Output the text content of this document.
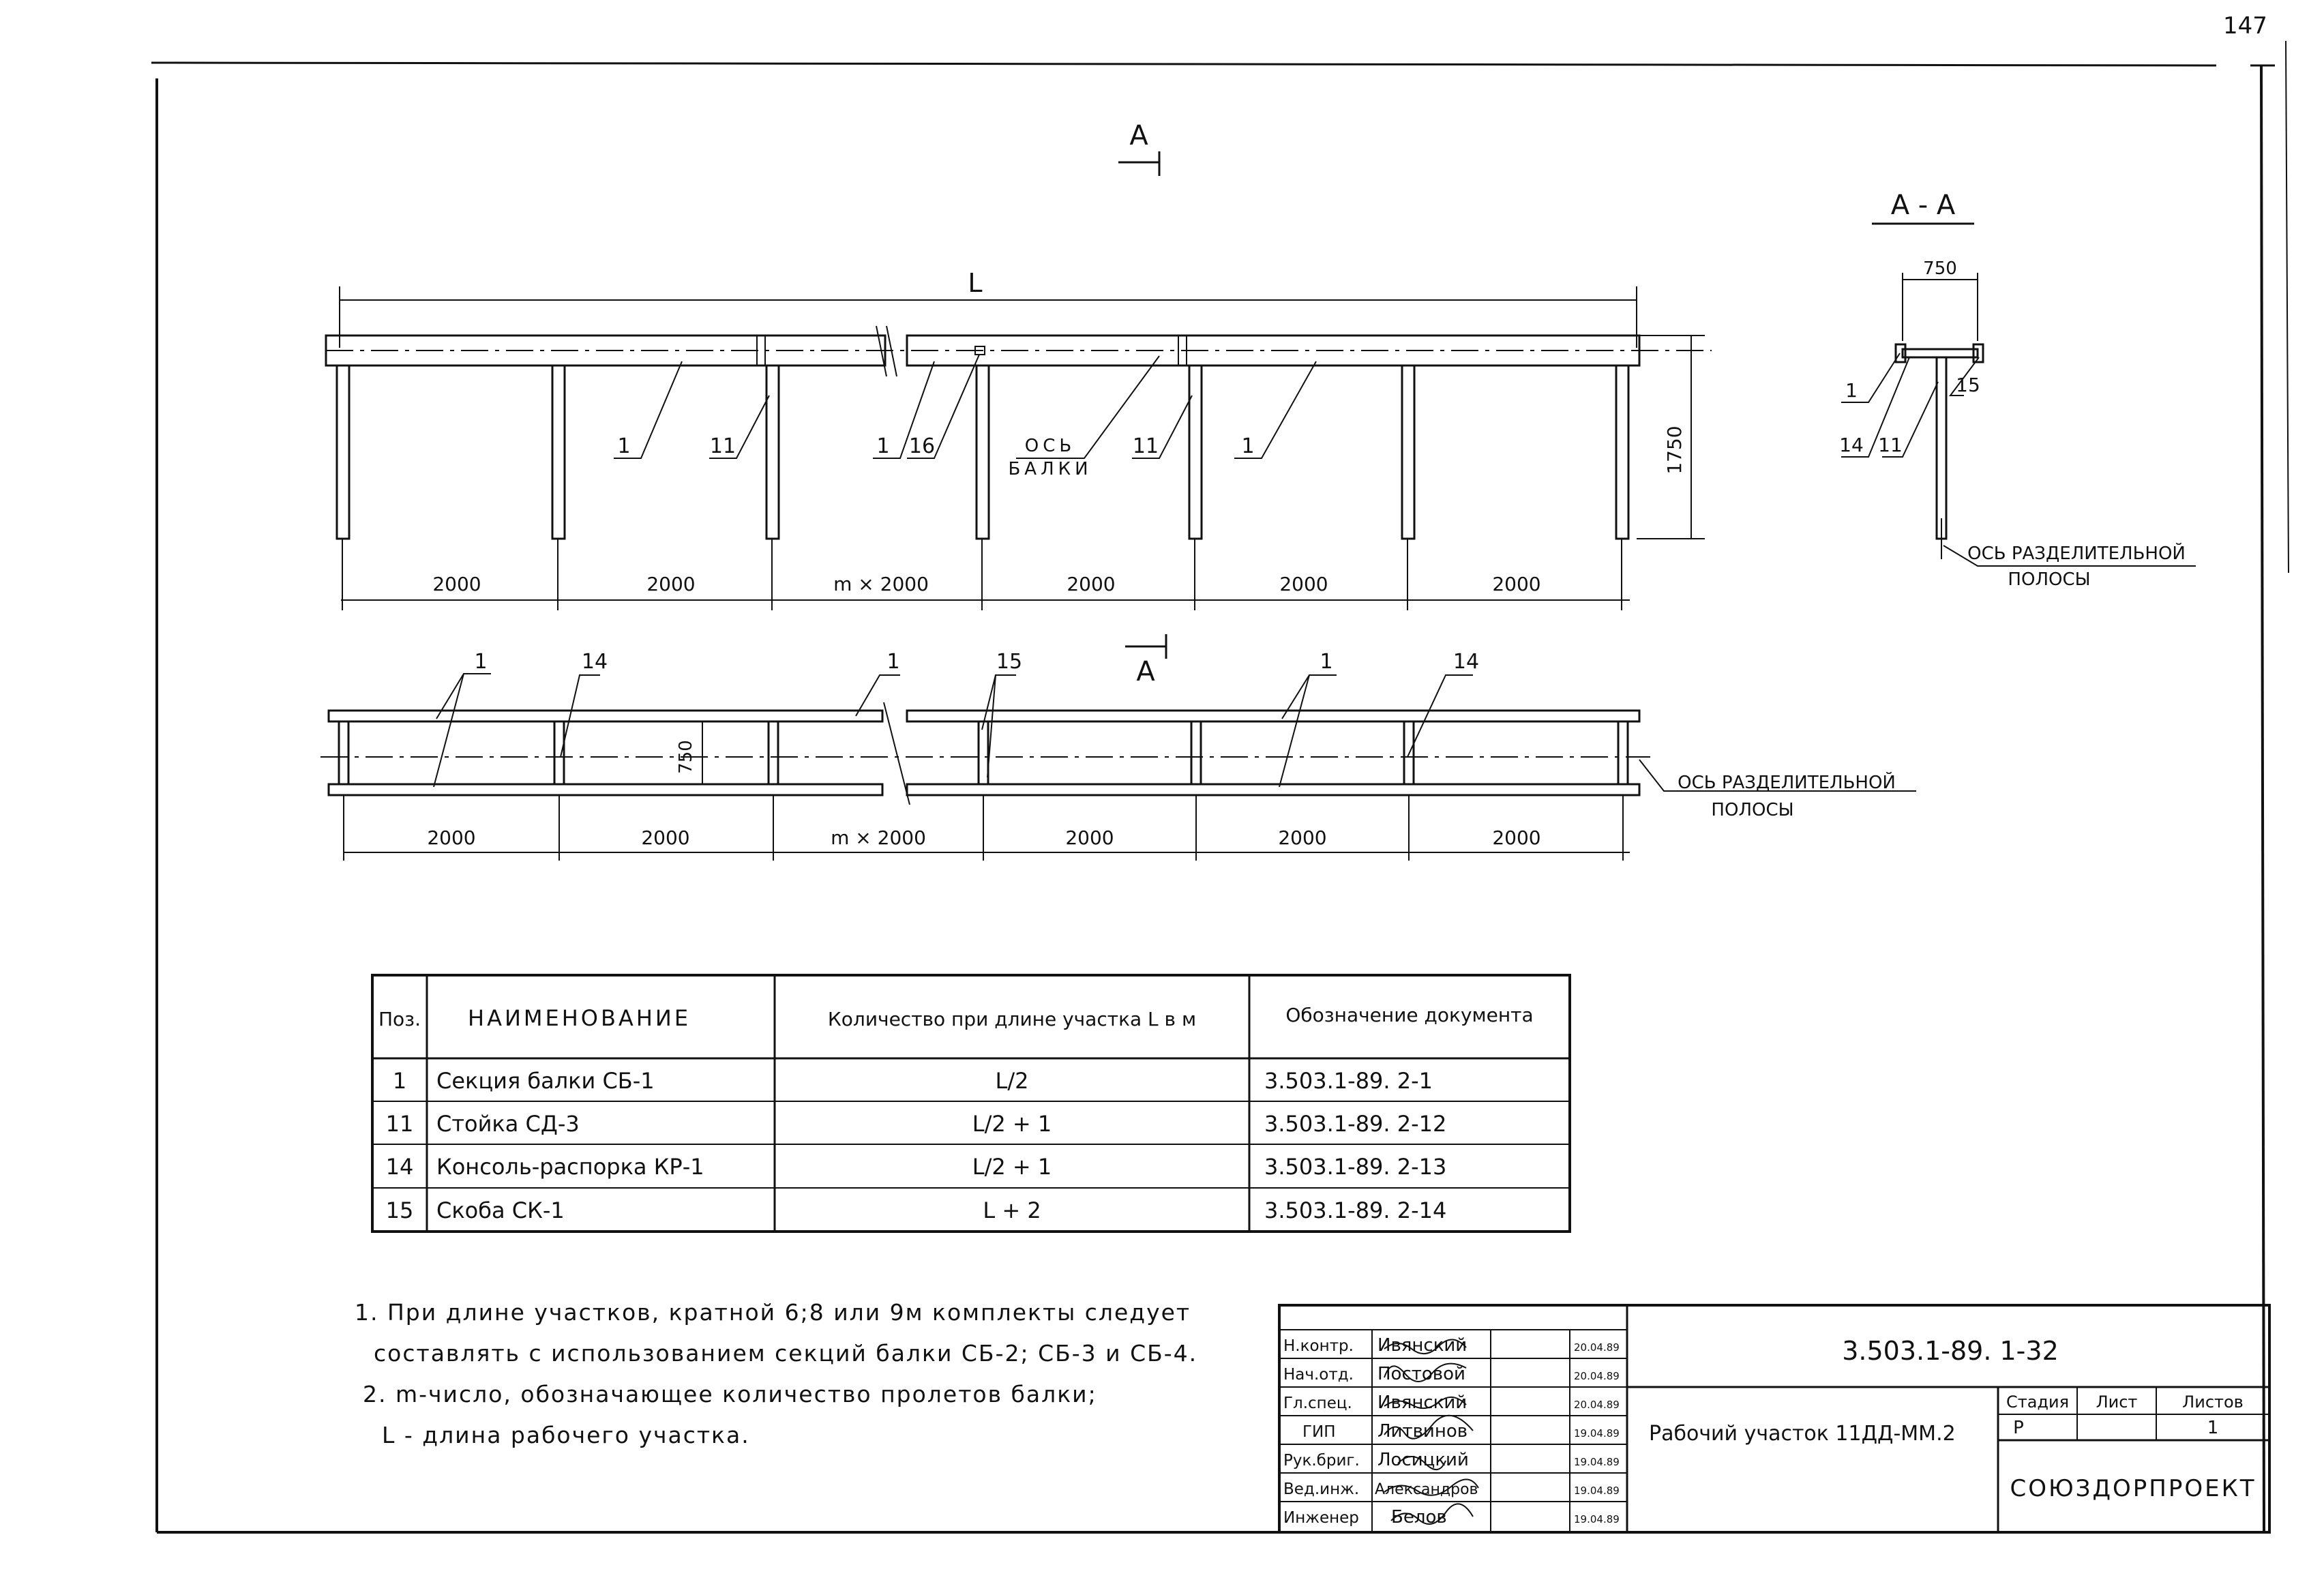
147
А
L
1750
2000	2000	m × 2000	2000	2000	2000
1	11	1 16	11	1
ОСЬ
БАЛКИ
А
750
2000	2000	m × 2000	2000	2000	2000
1	14	1	15	1	14
ОСЬ РАЗДЕЛИТЕЛЬНОЙ
ПОЛОСЫ
А - А
750
1
14 11
15
ОСЬ РАЗДЕЛИТЕЛЬНОЙ
ПОЛОСЫ
Поз. НАИМЕНОВАНИЕ	Количество при длине участка L в м	Обозначение документа
1 Секция балки СБ-1	L/2	3.503.1-89. 2-1
11 Стойка СД-3	L/2 + 1	3.503.1-89. 2-12
14 Консоль-распорка КР-1	L/2 + 1	3.503.1-89. 2-13
15 Скоба СК-1	L + 2	3.503.1-89. 2-14
Н.контр. Ивянский	20.04.89
Нач.отд. Постовой	20.04.89
Гл.спец. Ивянский	20.04.89
ГИП Литвинов	19.04.89
Рук.бриг. Лосицкий	19.04.89
Вед.инж. Александров	19.04.89
Инженер Белов	19.04.89
3.503.1-89. 1-32
Рабочий участок 11ДД-ММ.2
Стадия Лист	Листов
Р	1
СОЮЗДОРПРОЕКТ
1. При длине участков, кратной 6;8 или 9м комплекты следует
составлять с использованием секций балки СБ-2; СБ-3 и СБ-4.
2. m-число, обозначающее количество пролетов балки;
L - длина рабочего участка.
